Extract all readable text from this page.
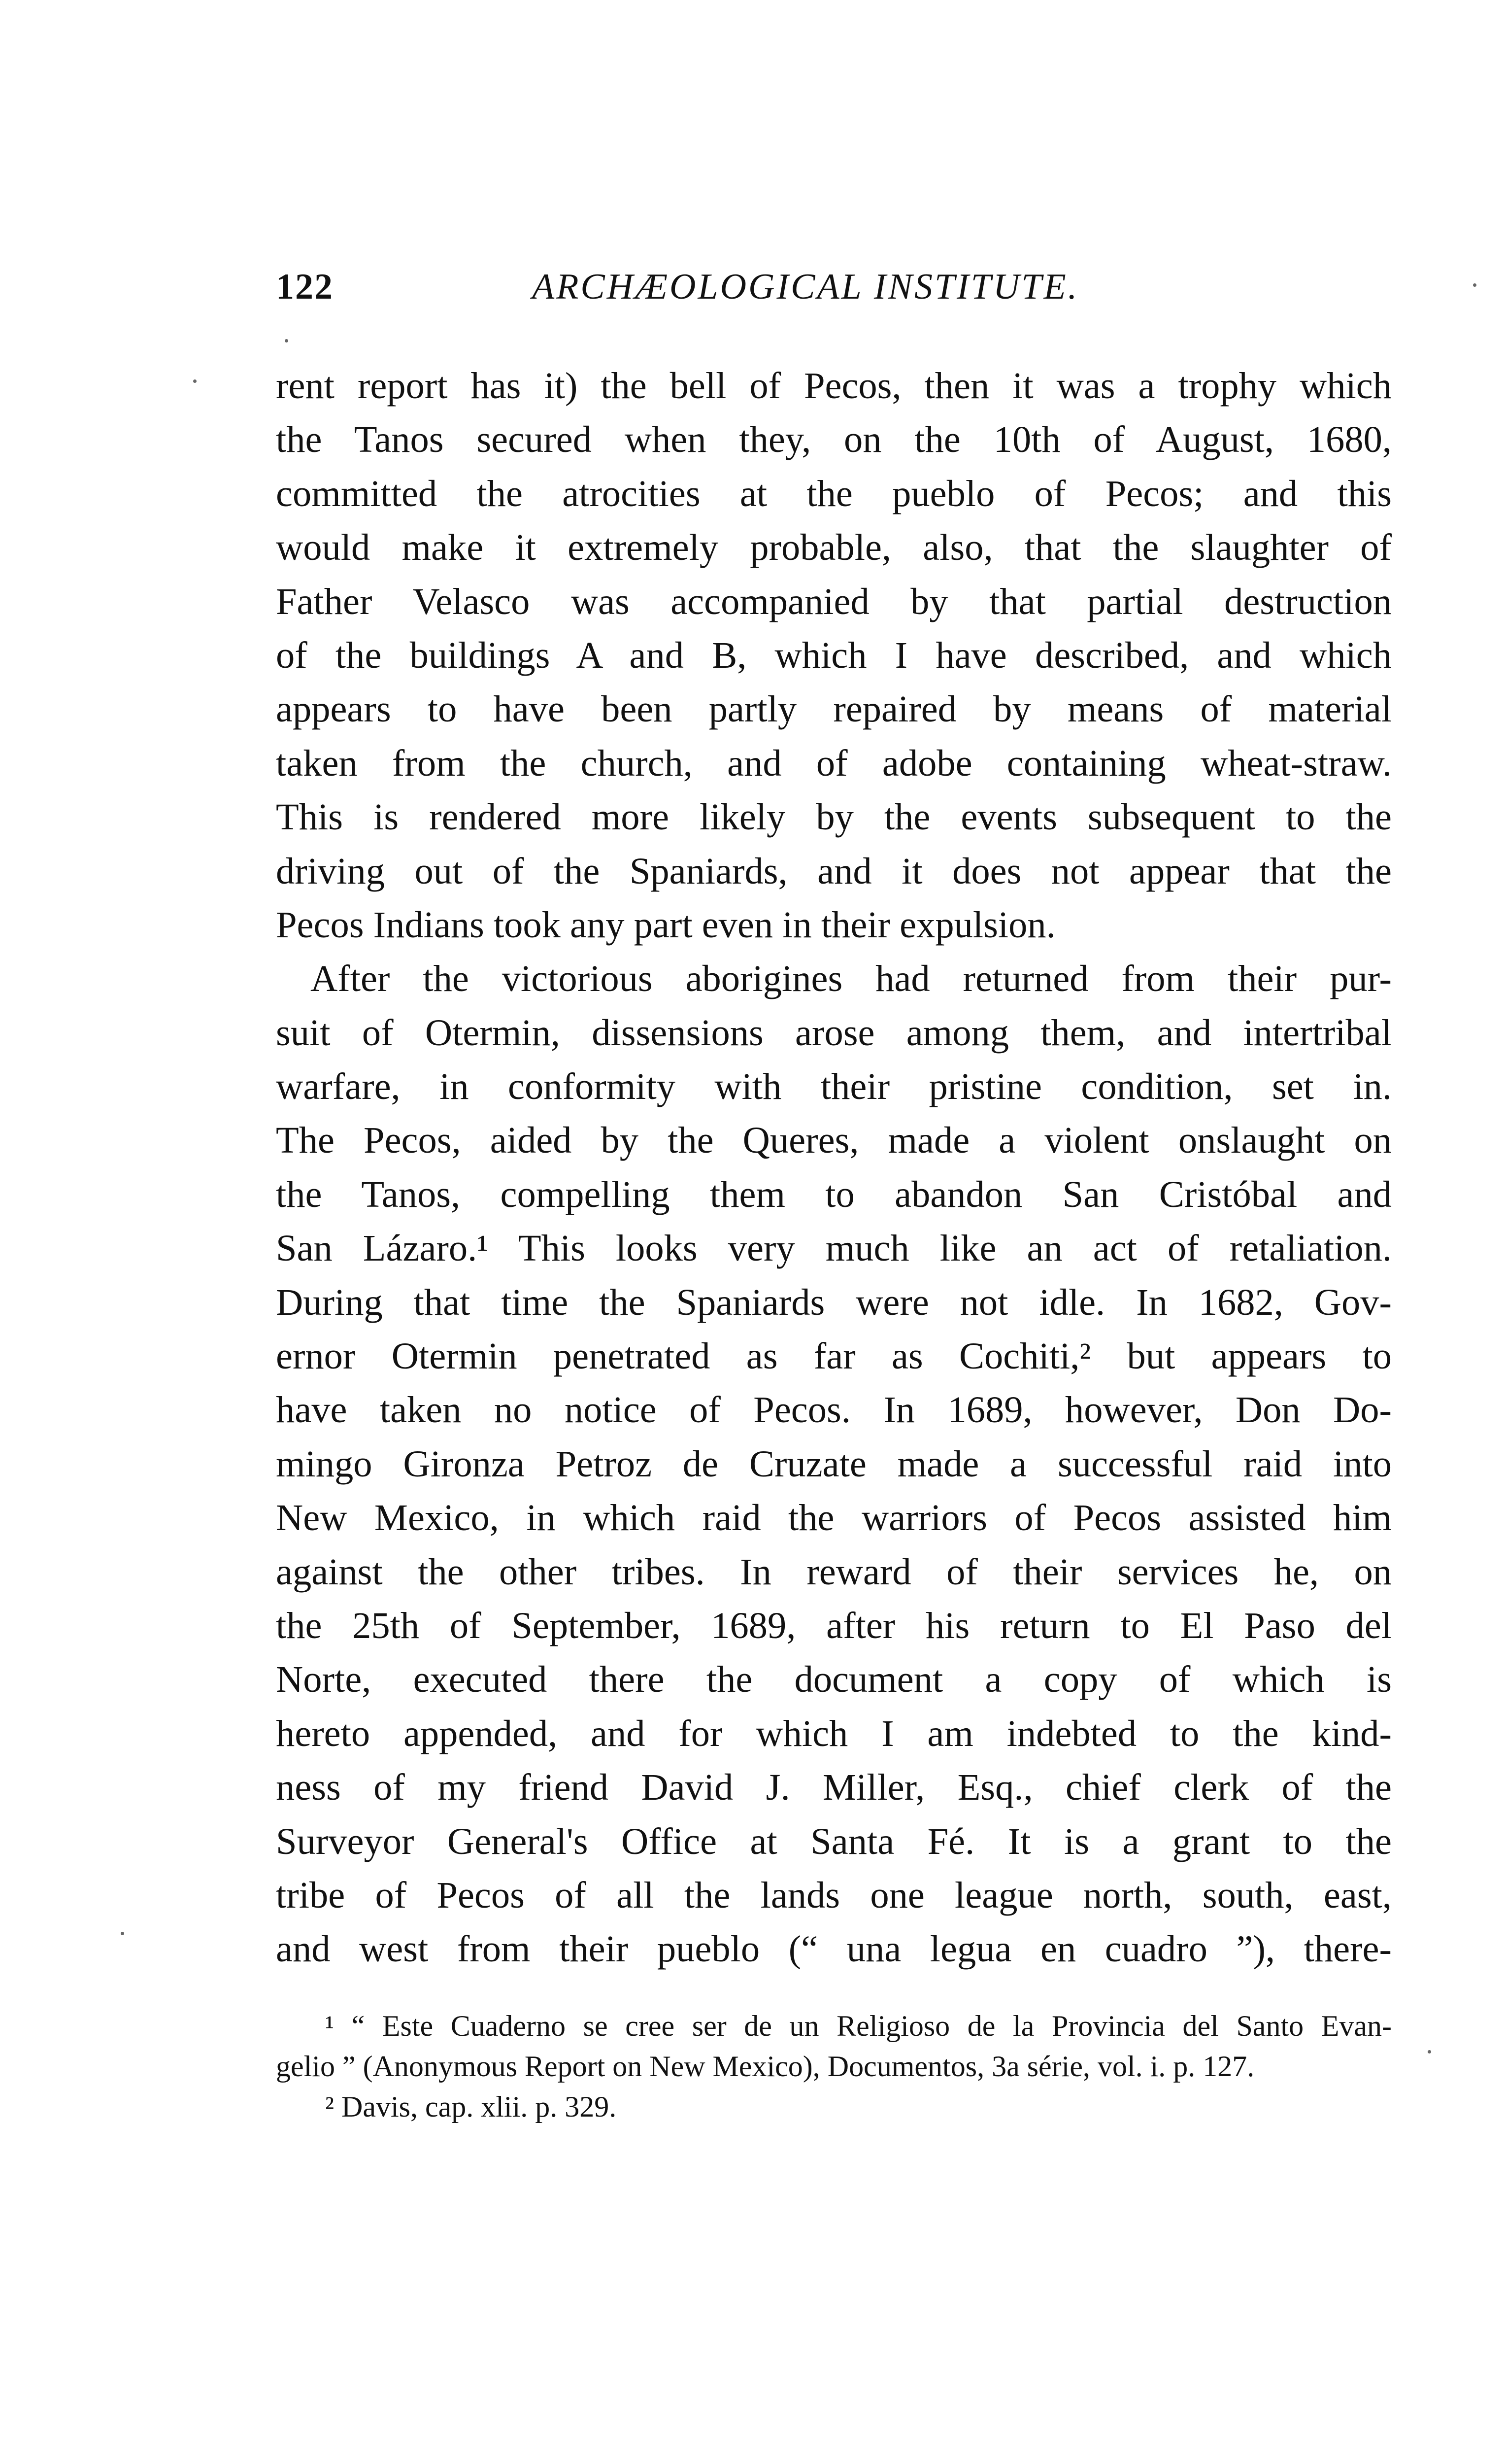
122	ARCHÆOLOGICAL INSTITUTE.
rent report has it) the bell of Pecos, then it was a trophy which
the Tanos secured when they, on the 10th of August, 1680,
committed the atrocities at the pueblo of Pecos; and this
would make it extremely probable, also, that the slaughter of
Father Velasco was accompanied by that partial destruction
of the buildings A and B, which I have described, and which
appears to have been partly repaired by means of material
taken from the church, and of adobe containing wheat-straw.
This is rendered more likely by the events subsequent to the
driving out of the Spaniards, and it does not appear that the
Pecos Indians took any part even in their expulsion.
After the victorious aborigines had returned from their pur-
suit of Otermin, dissensions arose among them, and intertribal
warfare, in conformity with their pristine condition, set in.
The Pecos, aided by the Queres, made a violent onslaught on
the Tanos, compelling them to abandon San Cristóbal and
San Lázaro.¹ This looks very much like an act of retaliation.
During that time the Spaniards were not idle. In 1682, Gov-
ernor Otermin penetrated as far as Cochiti,² but appears to
have taken no notice of Pecos. In 1689, however, Don Do-
mingo Gironza Petroz de Cruzate made a successful raid into
New Mexico, in which raid the warriors of Pecos assisted him
against the other tribes. In reward of their services he, on
the 25th of September, 1689, after his return to El Paso del
Norte, executed there the document a copy of which is
hereto appended, and for which I am indebted to the kind-
ness of my friend David J. Miller, Esq., chief clerk of the
Surveyor General's Office at Santa Fé. It is a grant to the
tribe of Pecos of all the lands one league north, south, east,
and west from their pueblo (“ una legua en cuadro ”), there-
¹ “ Este Cuaderno se cree ser de un Religioso de la Provincia del Santo Evan-
gelio ” (Anonymous Report on New Mexico), Documentos, 3a série, vol. i. p. 127.
² Davis, cap. xlii. p. 329.
